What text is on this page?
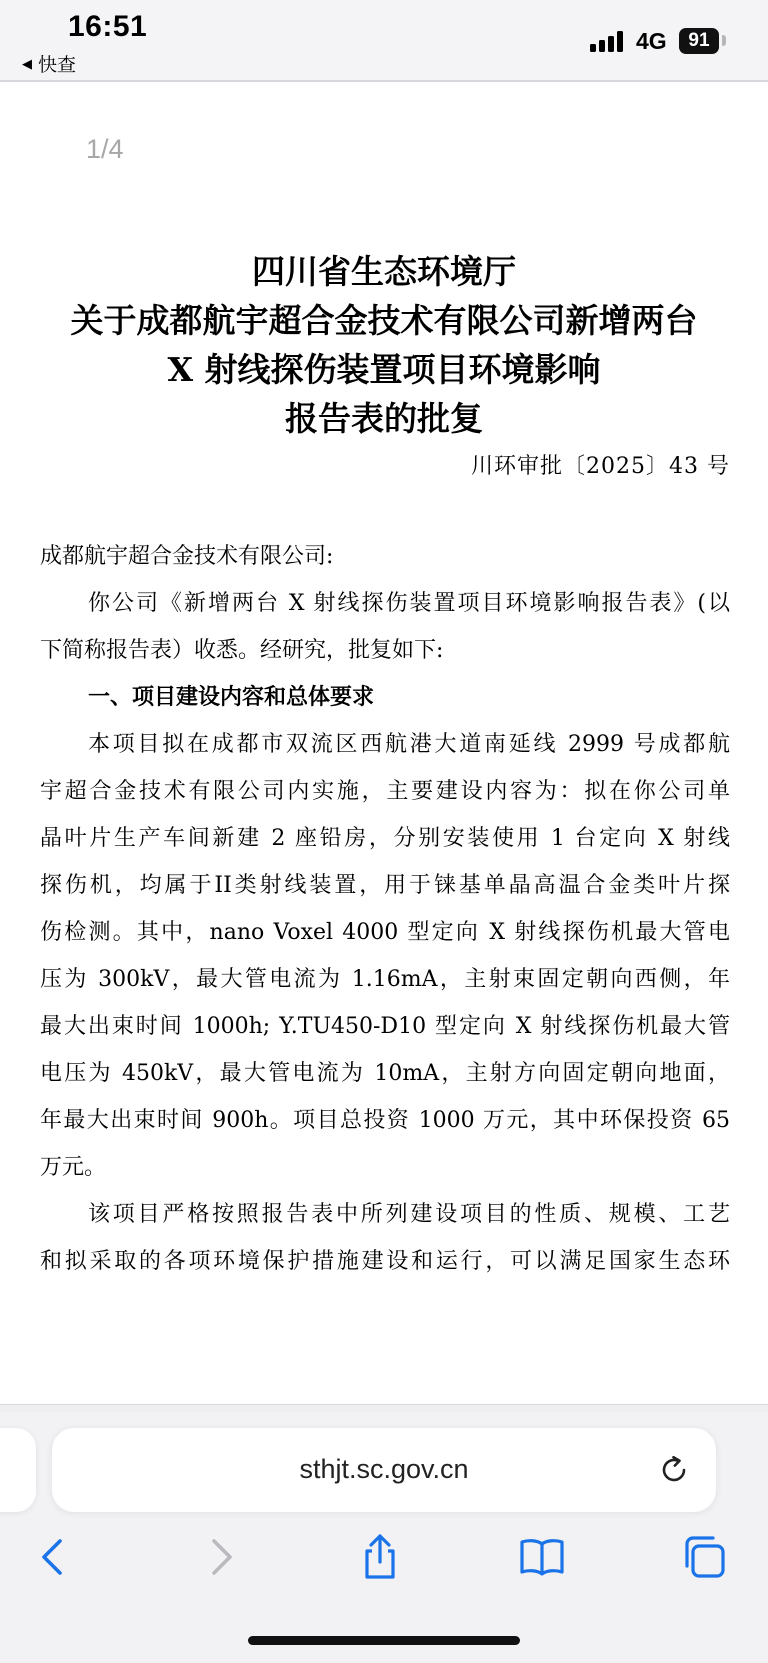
16:51
◀ 快查
4G	91
1/4
四川省生态环境厅
关于成都航宇超合金技术有限公司新增两台
X 射线探伤装置项目环境影响
报告表的批复
川环审批〔2025〕43 号
成都航宇超合金技术有限公司:
你公司《新增两台 X 射线探伤装置项目环境影响报告表》(以
下简称报告表）收悉。经研究，批复如下:
一、项目建设内容和总体要求
本项目拟在成都市双流区西航港大道南延线 2999 号成都航
宇超合金技术有限公司内实施，主要建设内容为：拟在你公司单
晶叶片生产车间新建 2 座铅房，分别安装使用 1 台定向 X 射线
探伤机，均属于II类射线装置，用于铼基单晶高温合金类叶片探
伤检测。其中，nano Voxel 4000 型定向 X 射线探伤机最大管电
压为 300kV，最大管电流为 1.16mA，主射束固定朝向西侧，年
最大出束时间 1000h; Y.TU450-D10 型定向 X 射线探伤机最大管
电压为 450kV，最大管电流为 10mA，主射方向固定朝向地面，
年最大出束时间 900h。项目总投资 1000 万元，其中环保投资 65
万元。
该项目严格按照报告表中所列建设项目的性质、规模、工艺
和拟采取的各项环境保护措施建设和运行，可以满足国家生态环
sthjt.sc.gov.cn
